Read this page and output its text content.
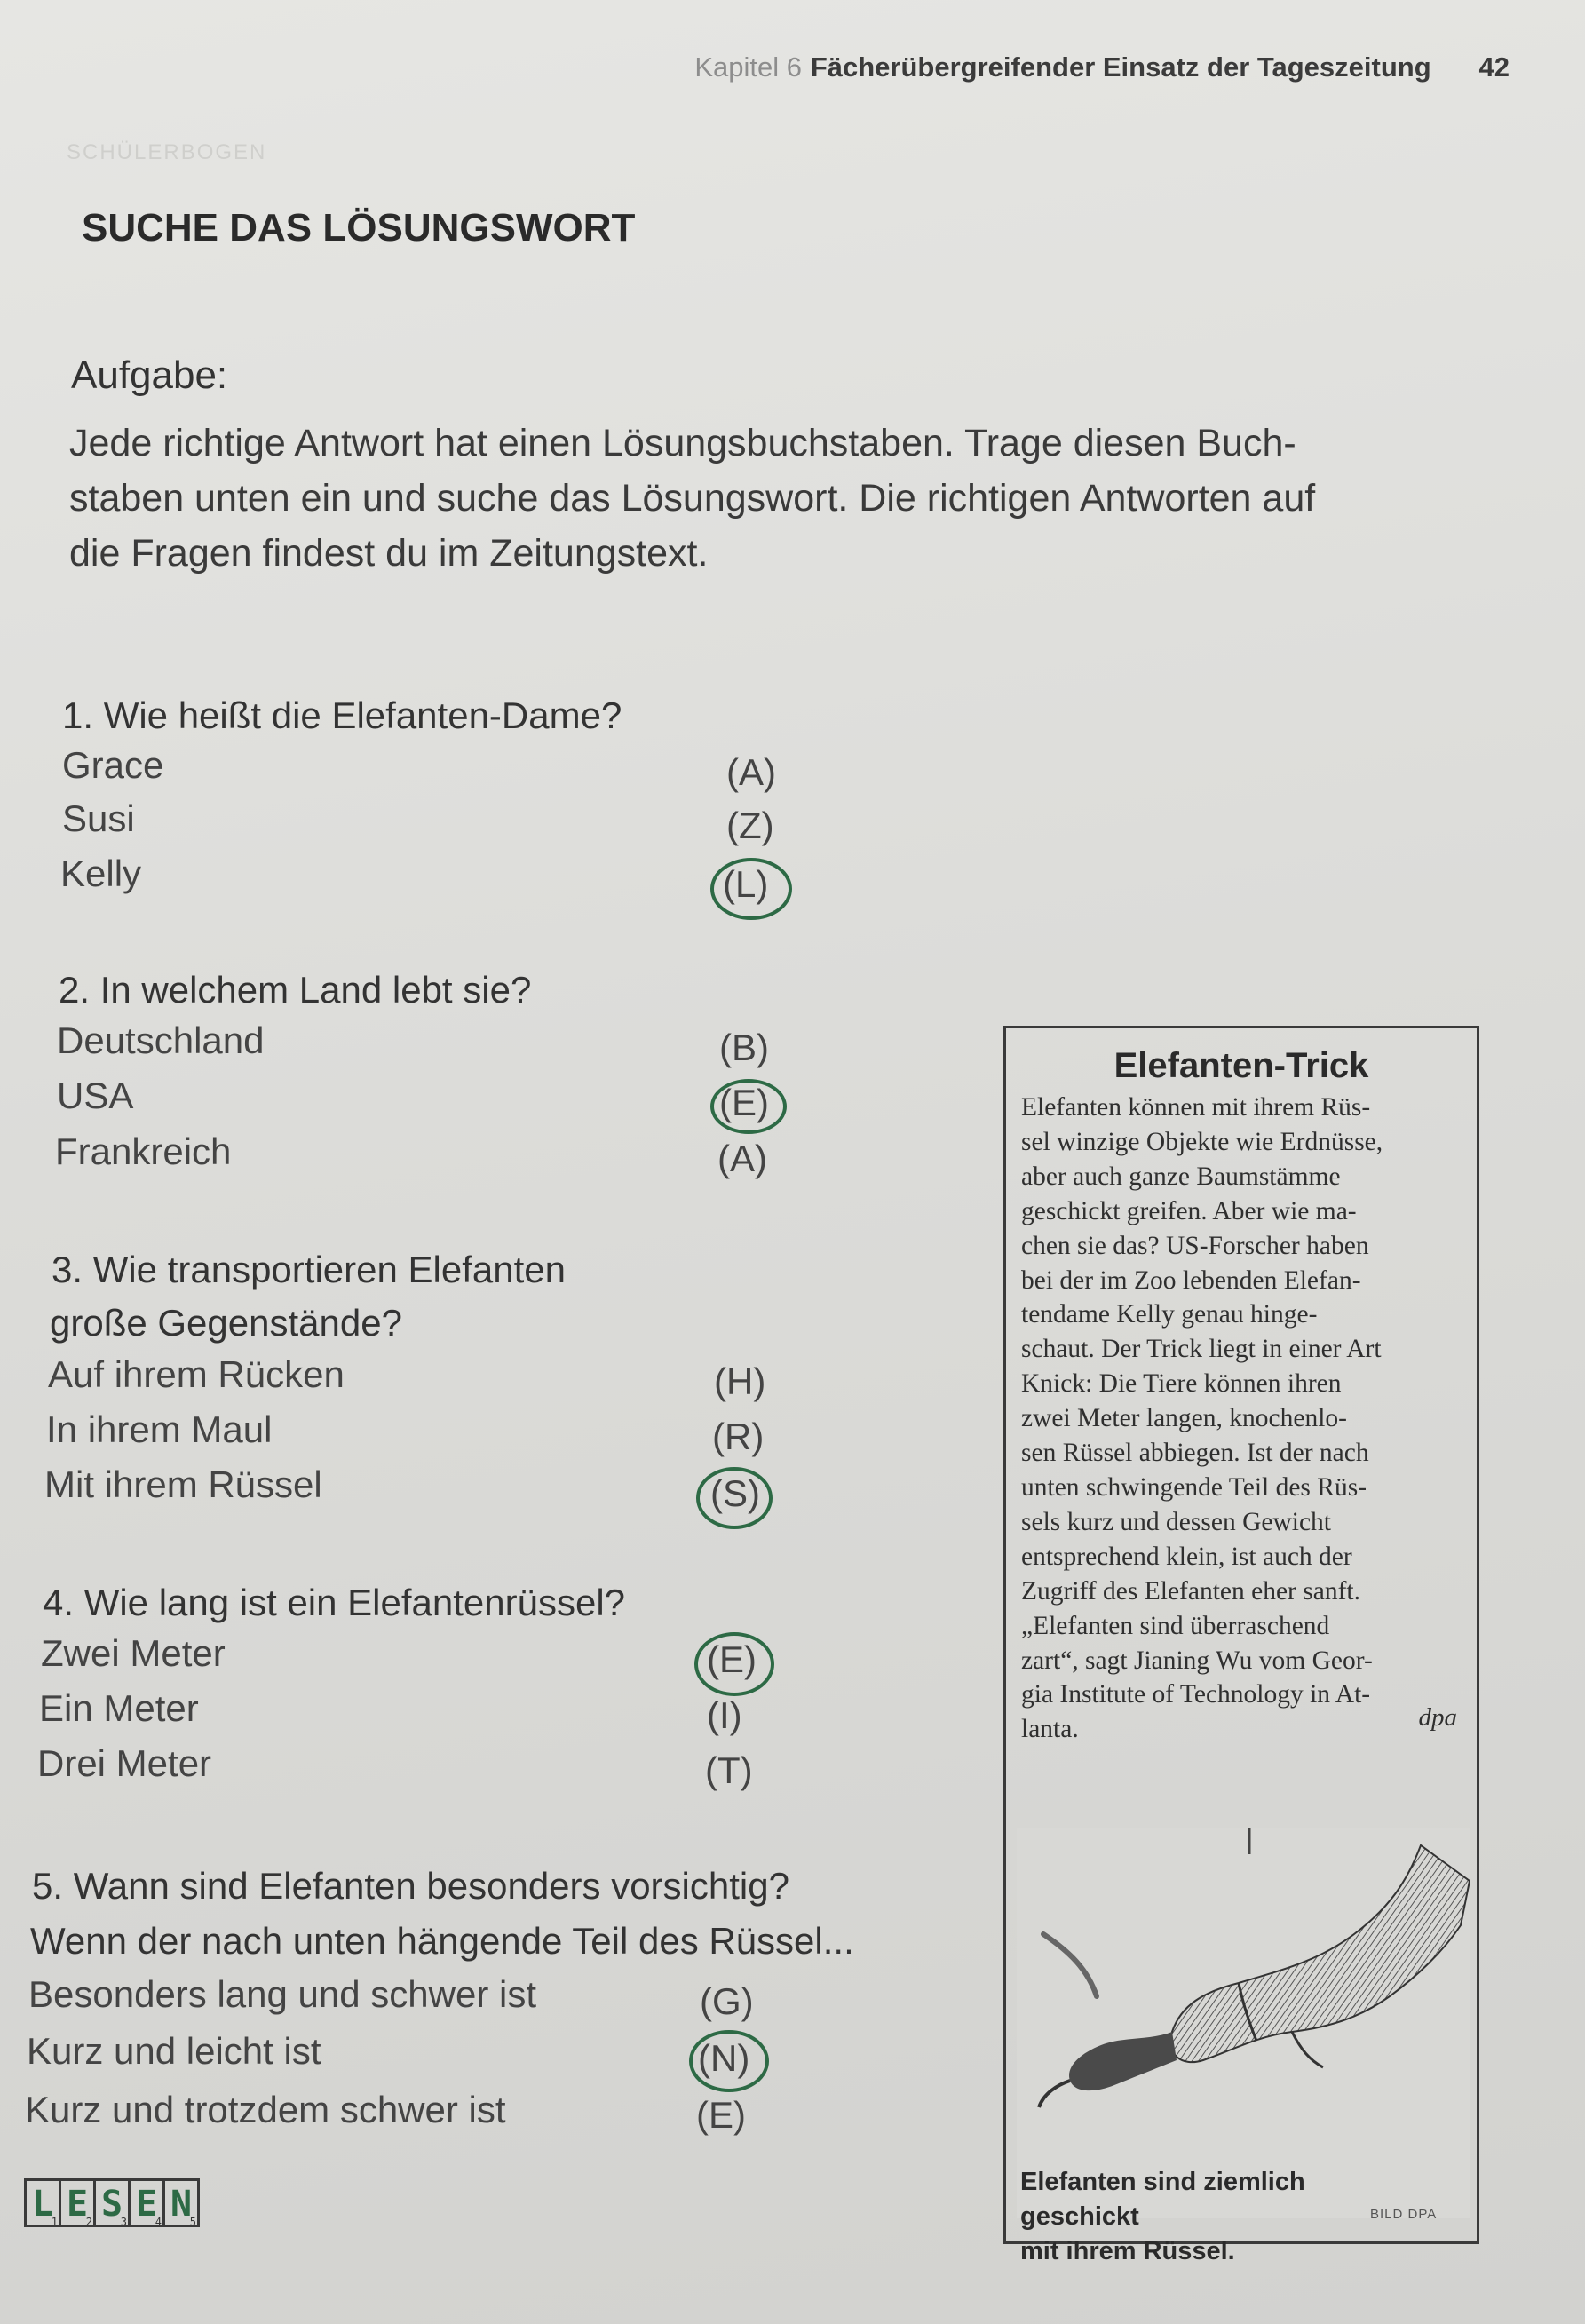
Kapitel 6 Fächerübergreifender Einsatz der Tageszeitung 42
SCHÜLERBOGEN
SUCHE DAS LÖSUNGSWORT
Aufgabe:
Jede richtige Antwort hat einen Lösungsbuchstaben. Trage diesen Buch-
staben unten ein und suche das Lösungswort. Die richtigen Antworten auf
die Fragen findest du im Zeitungstext.
1. Wie heißt die Elefanten-Dame?
Grace	(A)
Susi	(Z)
Kelly	(L)
2. In welchem Land lebt sie?
Deutschland	(B)
USA	(E)
Frankreich	(A)
3. Wie transportieren Elefanten
große Gegenstände?
Auf ihrem Rücken	(H)
In ihrem Maul	(R)
Mit ihrem Rüssel	(S)
4. Wie lang ist ein Elefantenrüssel?
Zwei Meter	(E)
Ein Meter	(I)
Drei Meter	(T)
5. Wann sind Elefanten besonders vorsichtig?
Wenn der nach unten hängende Teil des Rüssel...
Besonders lang und schwer ist	(G)
Kurz und leicht ist	(N)
Kurz und trotzdem schwer ist	(E)
L
1 E
2 S
3 E
4 N
5
Elefanten-Trick
Elefanten können mit ihrem Rüs-
sel winzige Objekte wie Erdnüsse,
aber auch ganze Baumstämme
geschickt greifen. Aber wie ma-
chen sie das? US-Forscher haben
bei der im Zoo lebenden Elefan-
tendame Kelly genau hinge-
schaut. Der Trick liegt in einer Art
Knick: Die Tiere können ihren
zwei Meter langen, knochenlo-
sen Rüssel abbiegen. Ist der nach
unten schwingende Teil des Rüs-
sels kurz und dessen Gewicht
entsprechend klein, ist auch der
Zugriff des Elefanten eher sanft.
„Elefanten sind überraschend
zart“, sagt Jianing Wu vom Geor-
gia Institute of Technology in At-
lanta.	dpa
Elefanten sind ziemlich geschickt
mit ihrem Rüssel.
BILD DPA
